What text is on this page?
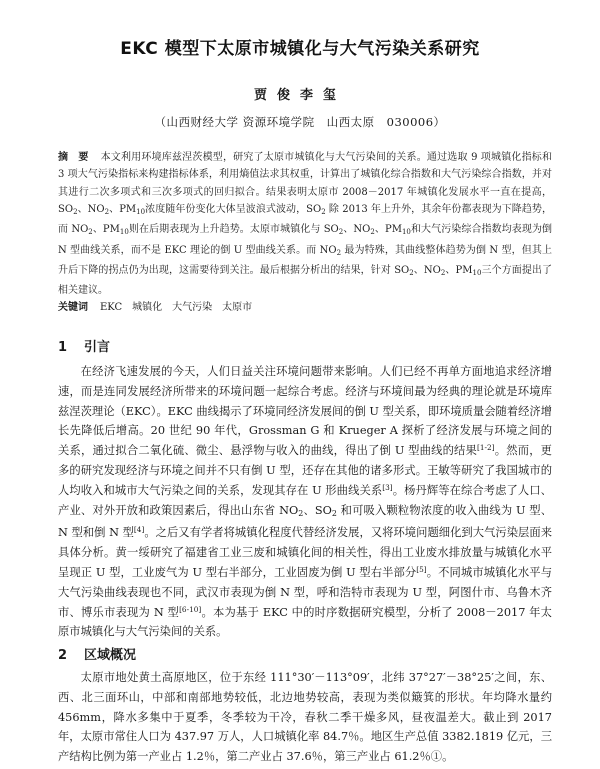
EKC 模型下太原市城镇化与大气污染关系研究
贾俊李玺
（山西财经大学 资源环境学院　山西太原　030006）
摘　要 本文利用环境库兹涅茨模型，研究了太原市城镇化与大气污染间的关系。通过选取 9 项城镇化指标和 3 项大气污染指标来构建指标体系，利用熵值法求其权重，计算出了城镇化综合指数和大气污染综合指数，并对其进行二次多项式和三次多项式的回归拟合。结果表明太原市 2008－2017 年城镇化发展水平一直在提高，$SO_2$、$NO_2$、$PM_{10}$浓度随年份变化大体呈波浪式波动，$SO_2$ 除 2013 年上升外，其余年份都表现为下降趋势，而 $NO_2$、$PM_{10}$则在后期表现为上升趋势。太原市城镇化与 $SO_2$、$NO_2$、$PM_{10}$和大气污染综合指数均表现为倒 N 型曲线关系，而不是 EKC 理论的倒 U 型曲线关系。而 $NO_2$ 最为特殊，其曲线整体趋势为倒 N 型，但其上升后下降的拐点仍为出现，这需要待到关注。最后根据分析出的结果，针对 $SO_2$、$NO_2$、$PM_{10}$三个方面提出了相关建议。
关键词 EKC 城镇化 大气污染 太原市
1 引言
在经济飞速发展的今天，人们日益关注环境问题带来影响。人们已经不再单方面地追求经济增速，而是连同发展经济所带来的环境问题一起综合考虑。经济与环境间最为经典的理论就是环境库兹涅茨理论（EKC）。EKC 曲线揭示了环境同经济发展间的倒 U 型关系，即环境质量会随着经济增长先降低后增高。20 世纪 90 年代，Grossman G 和 Krueger A 探析了经济发展与环境之间的关系，通过拟合二氧化硫、微尘、悬浮物与收入的曲线，得出了倒 U 型曲线的结果[1-2]。然而，更多的研究发现经济与环境之间并不只有倒 U 型，还存在其他的诸多形式。王敏等研究了我国城市的人均收入和城市大气污染之间的关系，发现其存在 U 形曲线关系[3]。杨丹辉等在综合考虑了人口、产业、对外开放和政策因素后，得出山东省 $NO_2$、$SO_2$ 和可吸入颗粒物浓度的收入曲线为 U 型、N 型和倒 N 型[4]。之后又有学者将城镇化程度代替经济发展，又将环境问题细化到大气污染层面来具体分析。黄一绥研究了福建省工业三废和城镇化间的相关性，得出工业废水排放量与城镇化水平呈现正 U 型，工业废气为 U 型右半部分，工业固废为倒 U 型右半部分[5]。不同城市城镇化水平与大气污染曲线表现也不同，武汉市表现为倒 N 型，呼和浩特市表现为 U 型，阿图什市、乌鲁木齐市、博乐市表现为 N 型[6-10]。本为基于 EKC 中的时序数据研究模型，分析了 2008－2017 年太原市城镇化与大气污染间的关系。
2 区域概况
太原市地处黄土高原地区，位于东经 111°30′－113°09′，北纬 37°27′－38°25′之间，东、西、北三面环山，中部和南部地势较低，北边地势较高，表现为类似簸箕的形状。年均降水量约 456mm，降水多集中于夏季，冬季较为干冷，春秋二季干燥多风，昼夜温差大。截止到 2017 年，太原市常住人口为 437.97 万人，人口城镇化率 84.7％。地区生产总值 3382.1819 亿元，三产结构比例为第一产业占 1.2％，第二产业占 37.6％，第三产业占 61.2％①。
